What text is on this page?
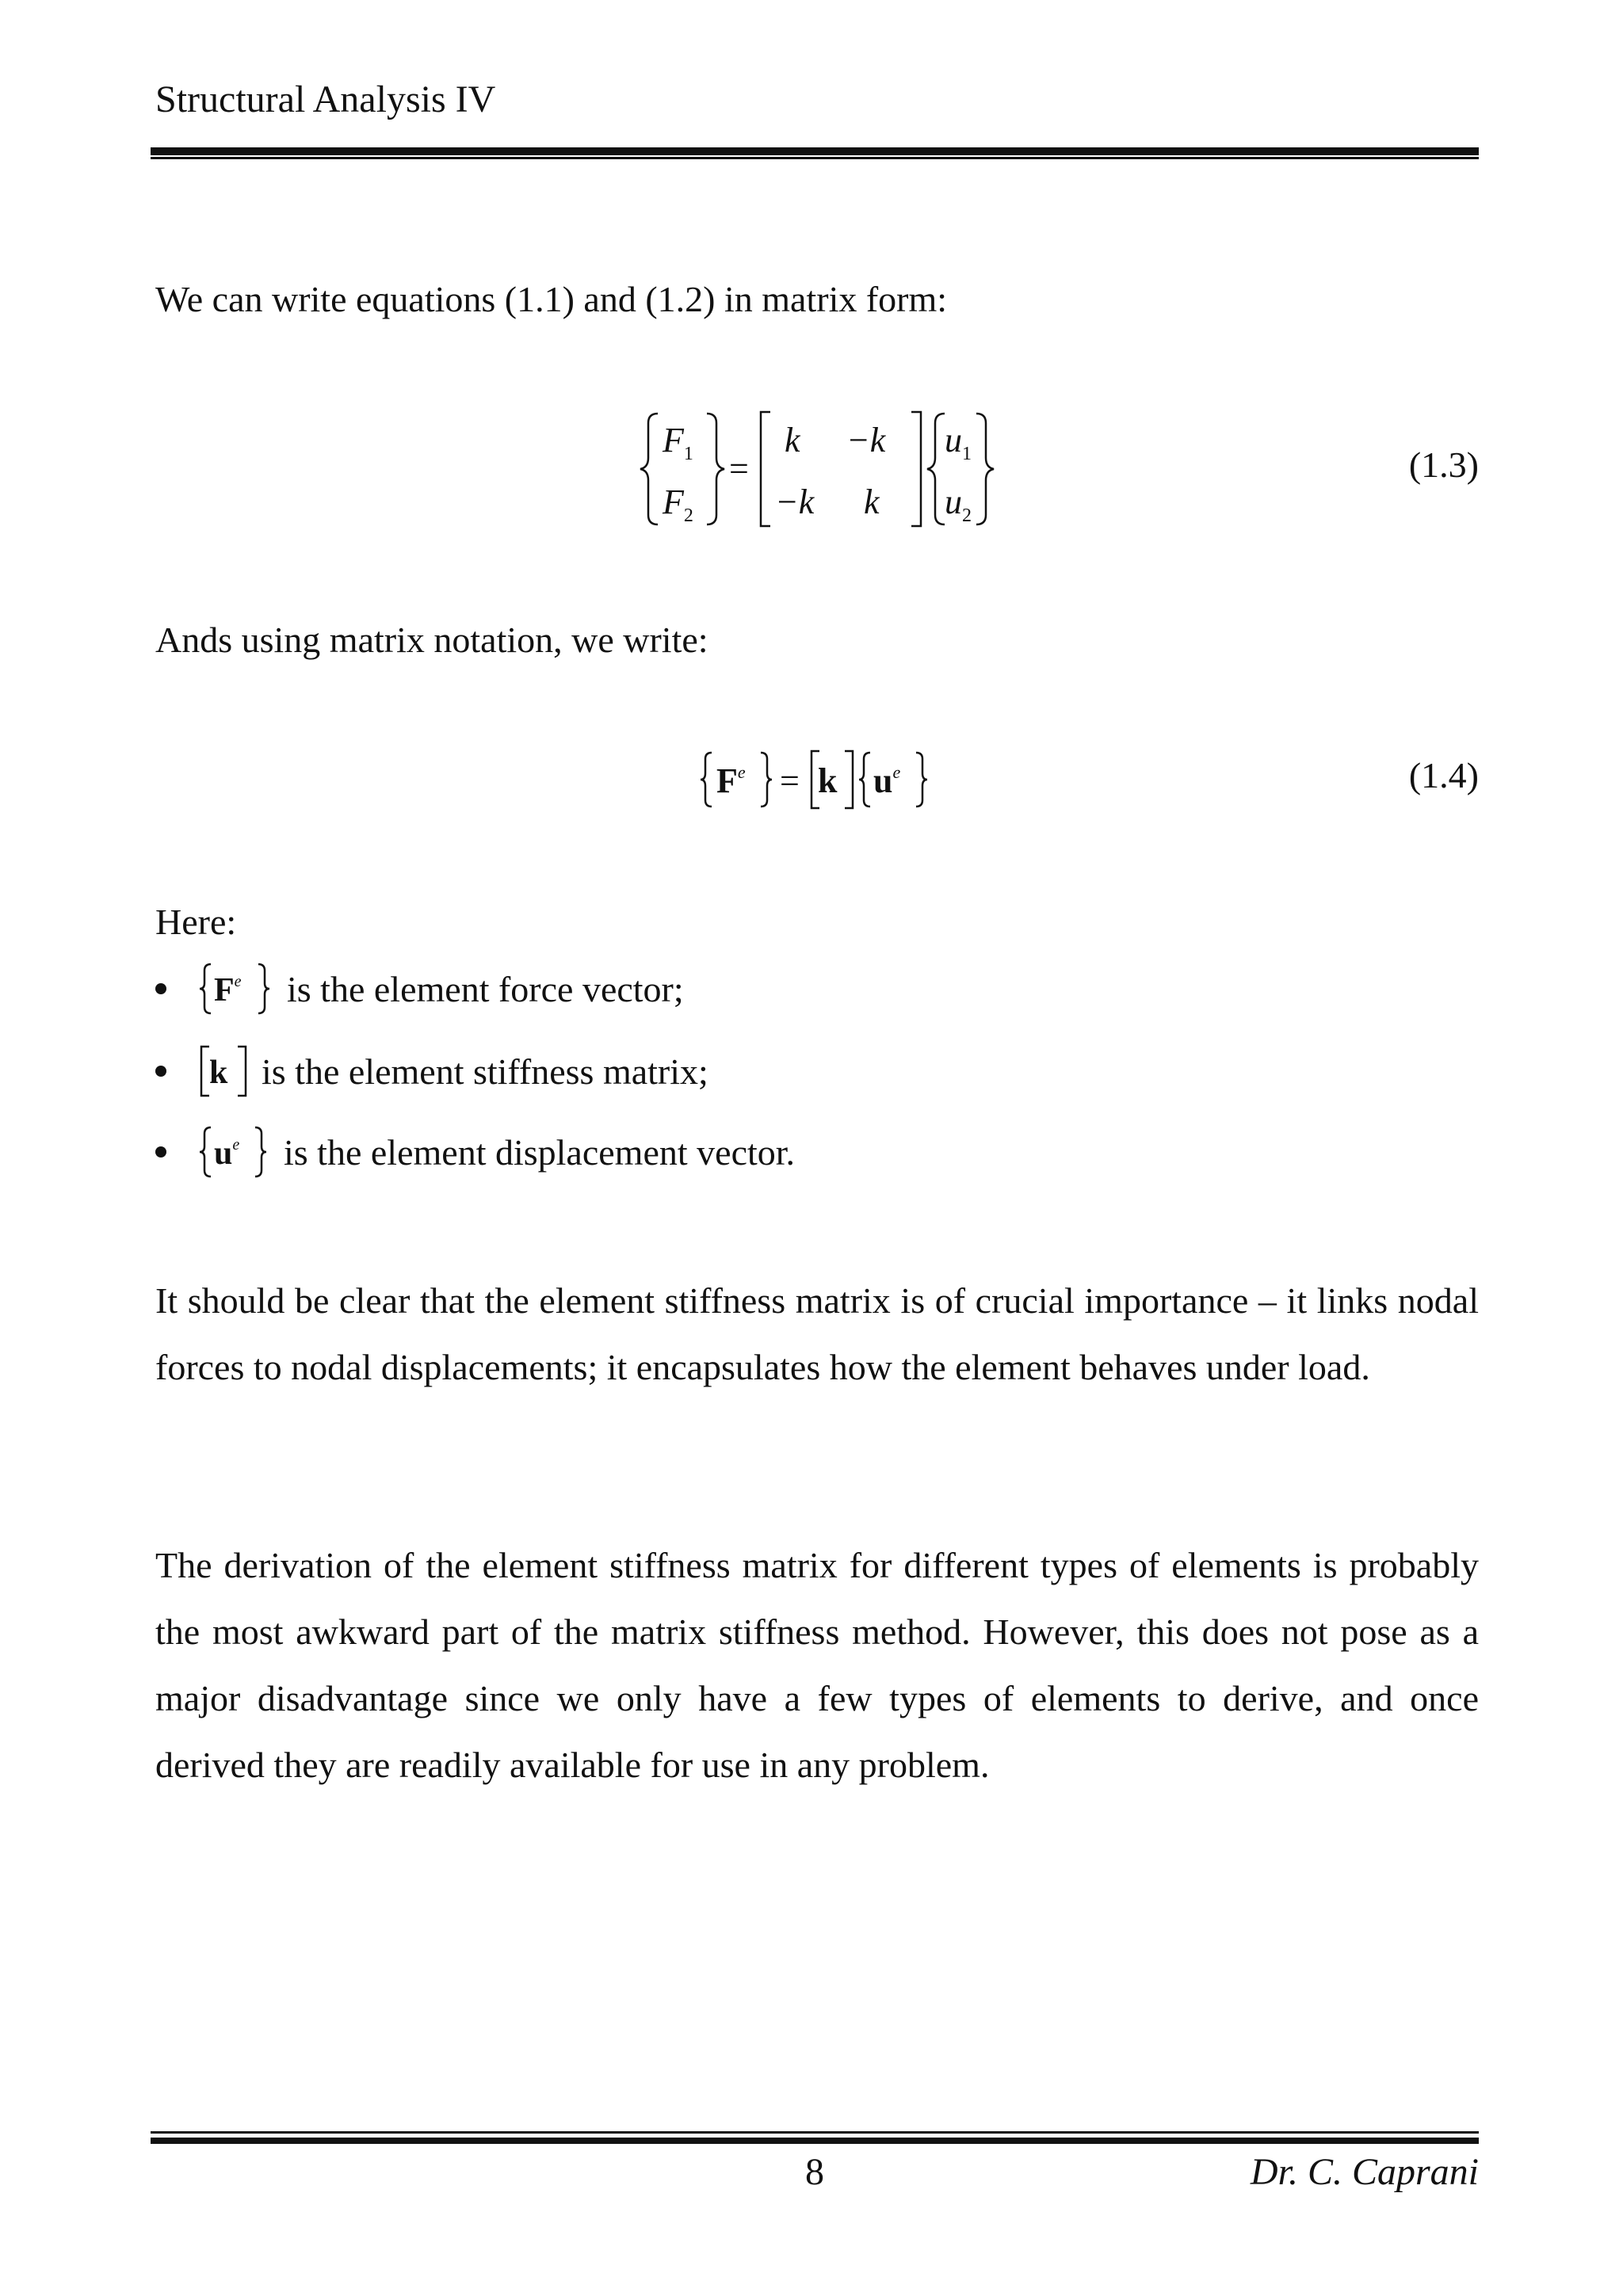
Structural Analysis IV
We can write equations (1.1) and (1.2) in matrix form:
$F_1$
$F_2$
=
k −k
−k k
$u_1$
$u_2$
(1.3)
Ands using matrix notation, we write:
$F^e = k$ $u^e$	(1.4)
Here:
$F^e$ is the element force vector;
k is the element stiffness matrix;
$u^e$ is the element displacement vector.
It should be clear that the element stiffness matrix is of crucial importance – it links nodal forces to nodal displacements; it encapsulates how the element behaves under load.
The derivation of the element stiffness matrix for different types of elements is probably the most awkward part of the matrix stiffness method. However, this does not pose as a major disadvantage since we only have a few types of elements to derive, and once derived they are readily available for use in any problem.
8	Dr. C. Caprani
